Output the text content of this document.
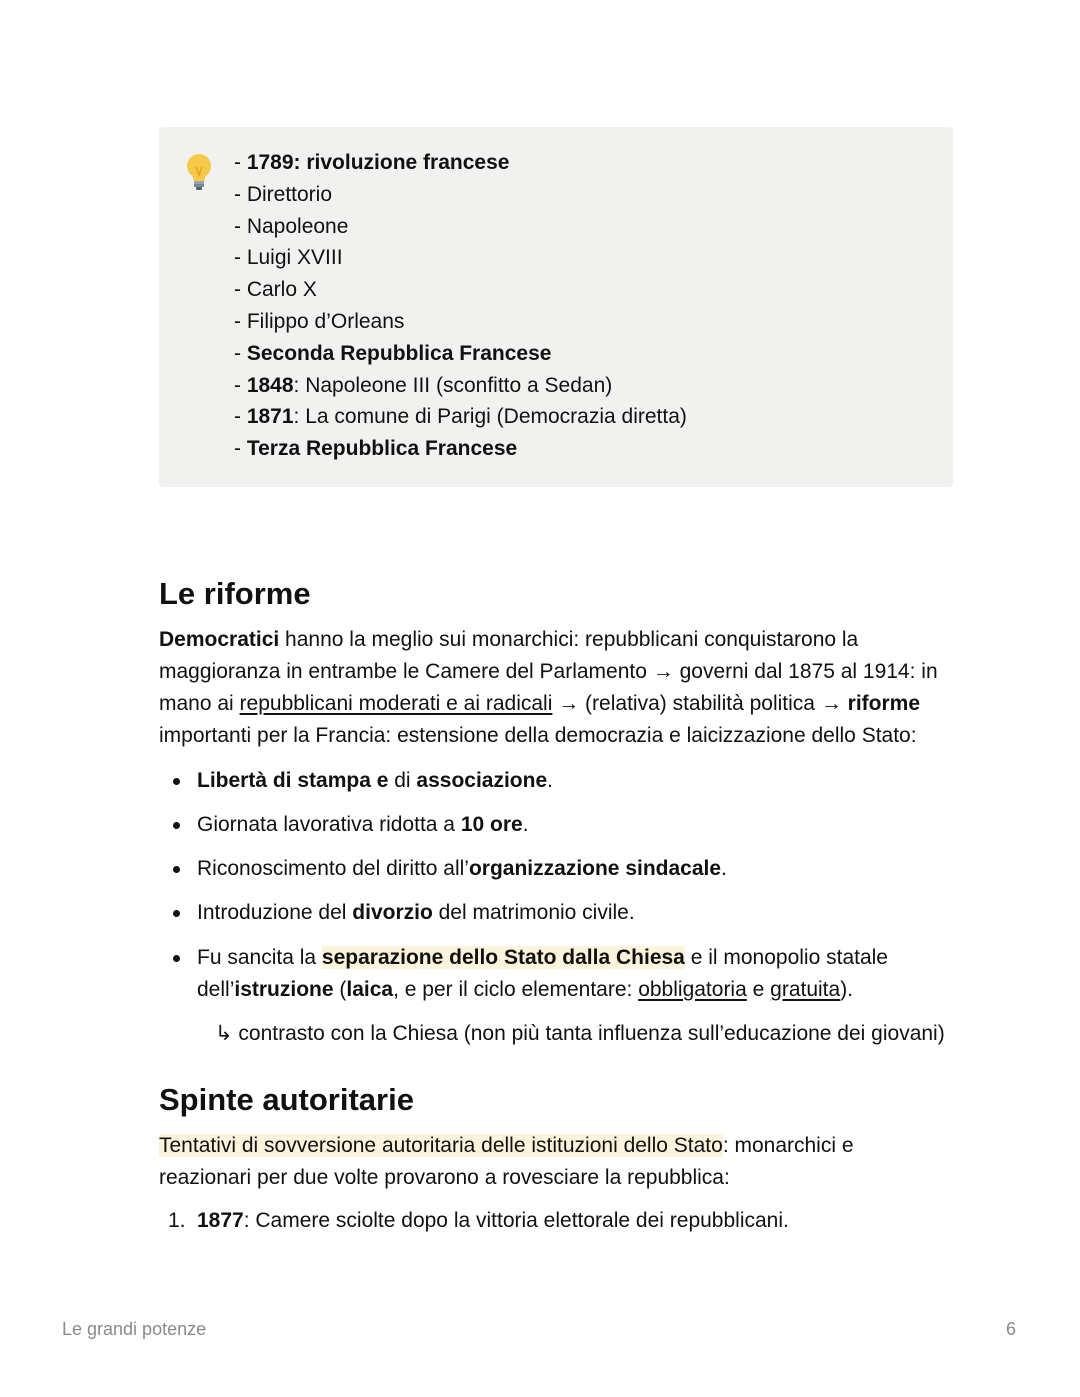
- 1789: rivoluzione francese
- Direttorio
- Napoleone
- Luigi XVIII
- Carlo X
- Filippo d’Orleans
- Seconda Repubblica Francese
- 1848: Napoleone III (sconfitto a Sedan)
- 1871: La comune di Parigi (Democrazia diretta)
- Terza Repubblica Francese
Le riforme
Democratici hanno la meglio sui monarchici: repubblicani conquistarono la
maggioranza in entrambe le Camere del Parlamento → governi dal 1875 al 1914: in
mano ai repubblicani moderati e ai radicali → (relativa) stabilità politica → riforme
importanti per la Francia: estensione della democrazia e laicizzazione dello Stato:
Libertà di stampa e di associazione.
Giornata lavorativa ridotta a 10 ore.
Riconoscimento del diritto all’organizzazione sindacale.
Introduzione del divorzio del matrimonio civile.
Fu sancita la separazione dello Stato dalla Chiesa e il monopolio statale
dell’istruzione (laica, e per il ciclo elementare: obbligatoria e gratuita).
↳ contrasto con la Chiesa (non più tanta influenza sull’educazione dei giovani)
Spinte autoritarie
Tentativi di sovversione autoritaria delle istituzioni dello Stato: monarchici e
reazionari per due volte provarono a rovesciare la repubblica:
1. 1877: Camere sciolte dopo la vittoria elettorale dei repubblicani.
Le grandi potenze	6
